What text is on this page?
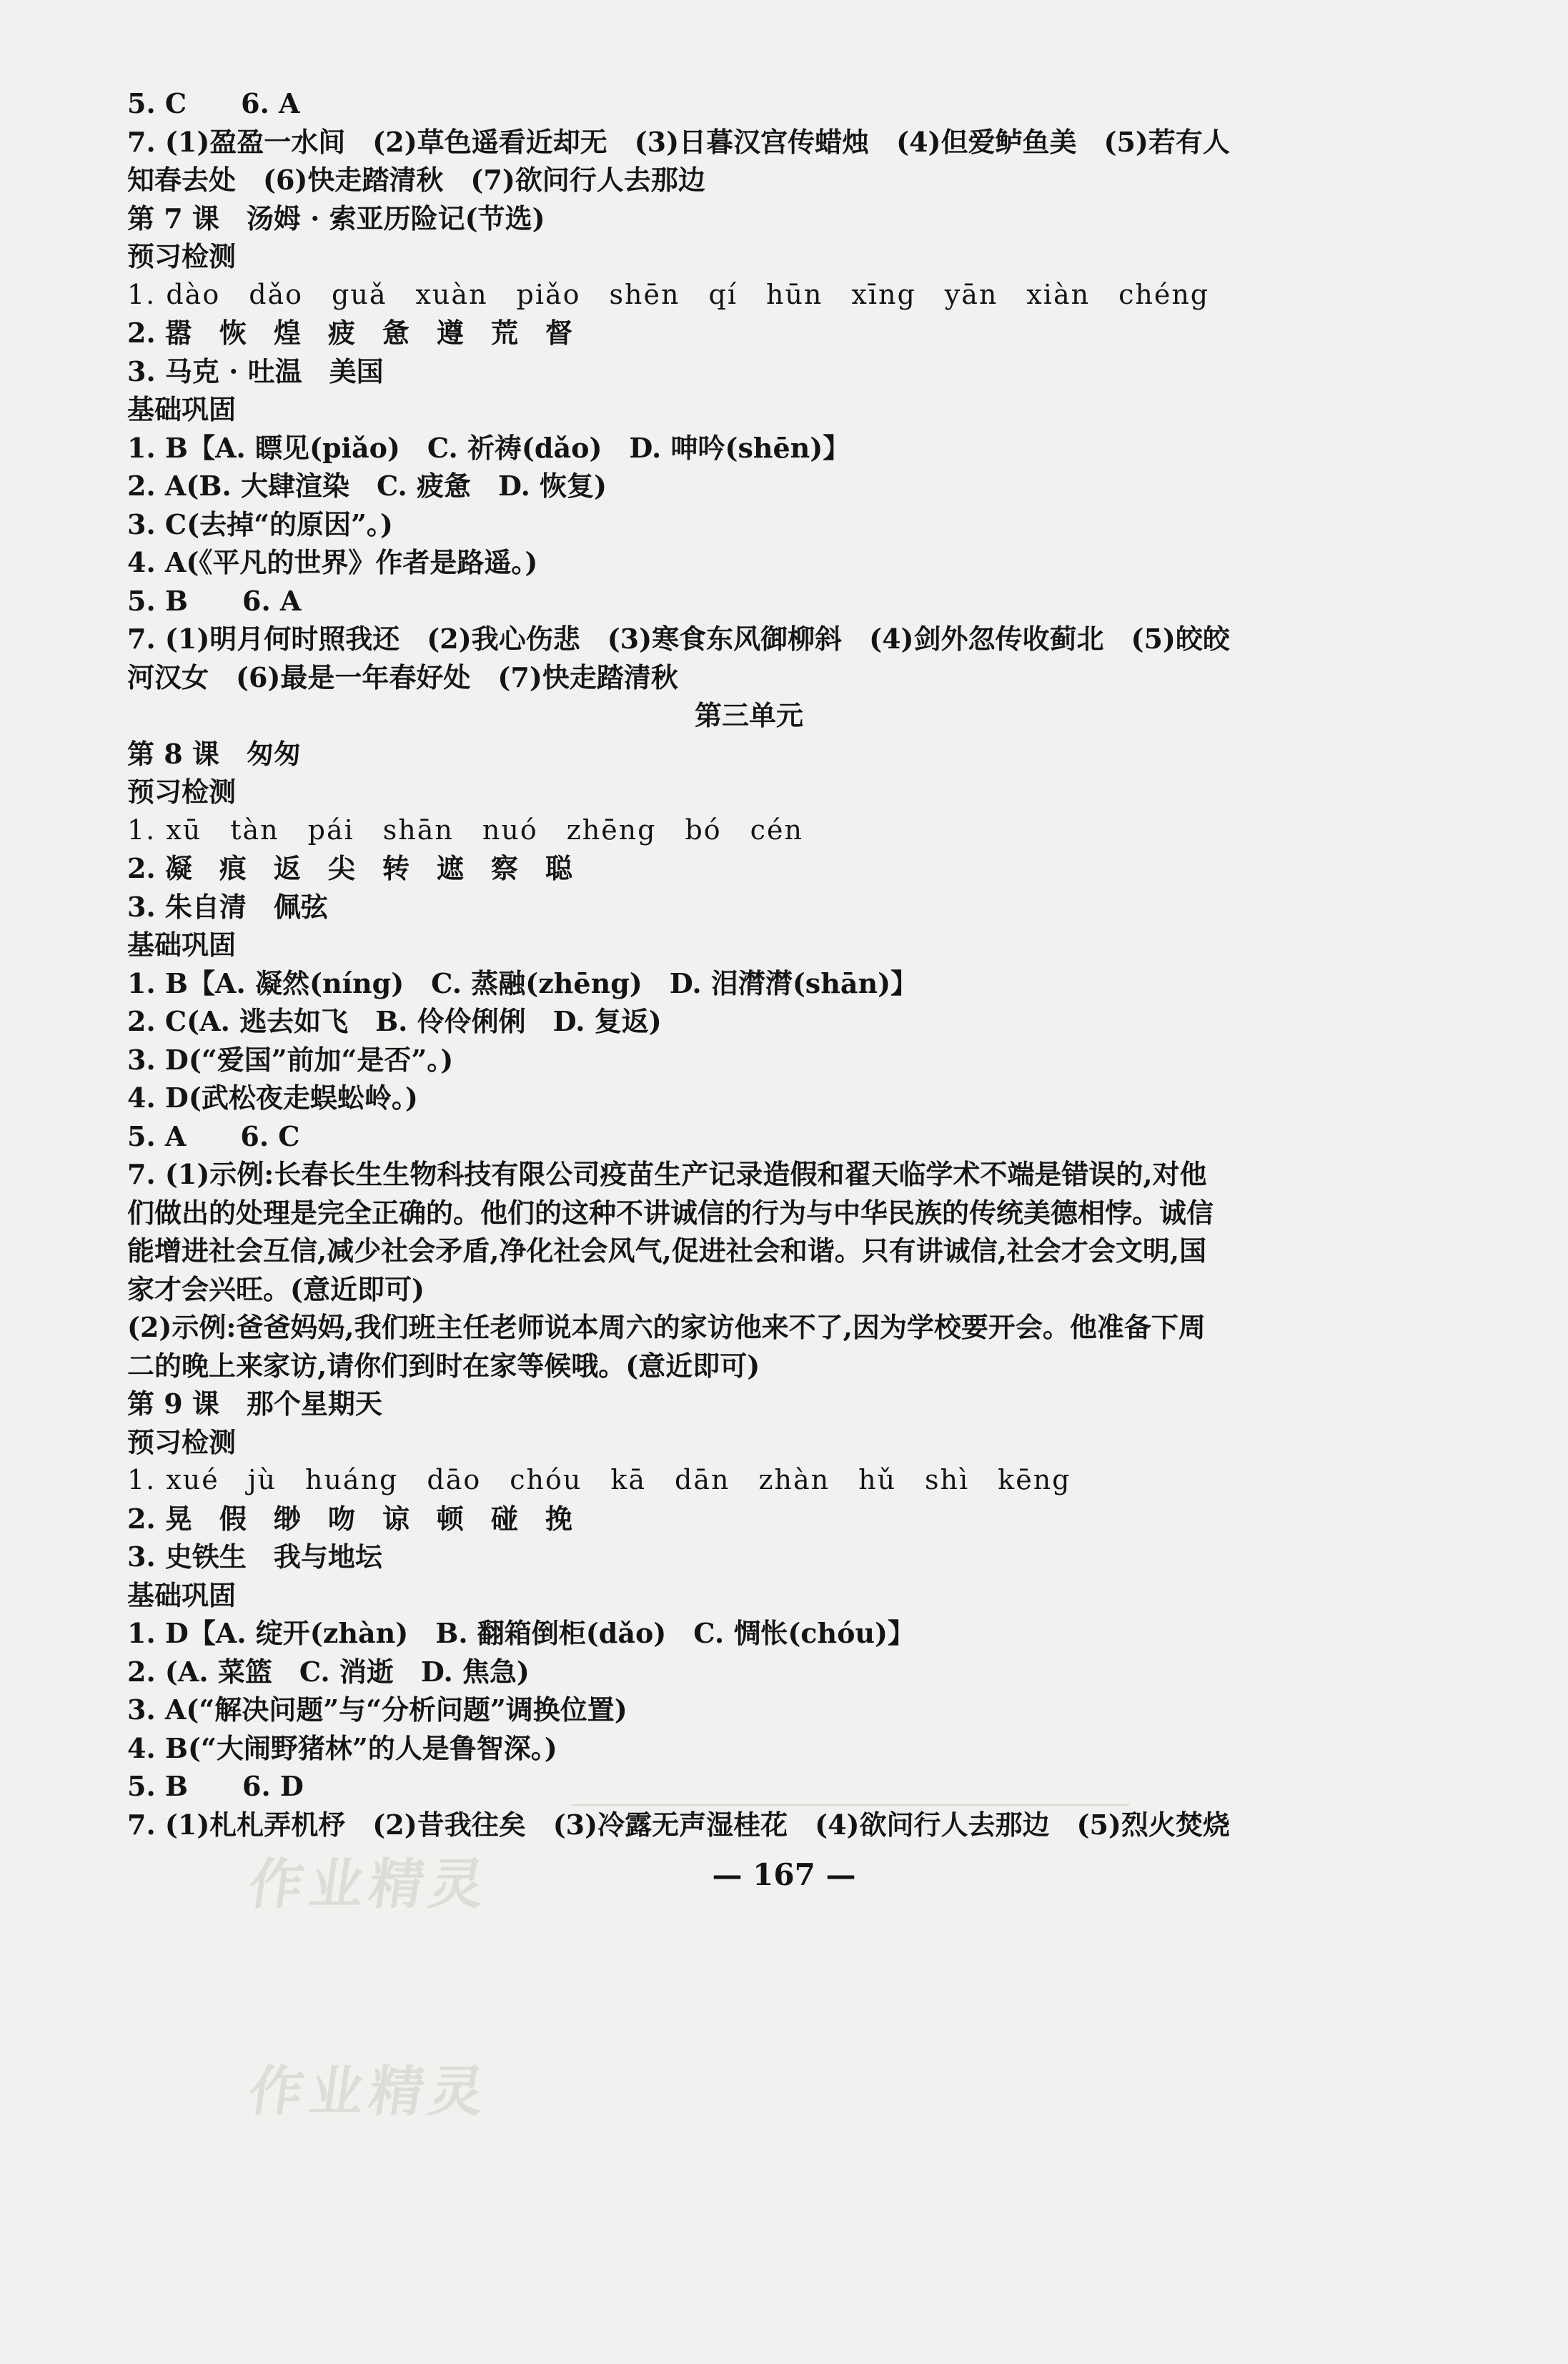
5. C　　6. A
7. (1)盈盈一水间　(2)草色遥看近却无　(3)日暮汉宫传蜡烛　(4)但爱鲈鱼美　(5)若有人
知春去处　(6)快走踏清秋　(7)欲问行人去那边
第 7 课　汤姆 · 索亚历险记(节选)
预习检测
1. dào　dǎo　guǎ　xuàn　piǎo　shēn　qí　hūn　xīng　yān　xiàn　chéng
2. 嚣　恢　煌　疲　惫　遵　荒　督
3. 马克 · 吐温　美国
基础巩固
1. B【A. 瞟见(piǎo)　C. 祈祷(dǎo)　D. 呻吟(shēn)】
2. A(B. 大肆渲染　C. 疲惫　D. 恢复)
3. C(去掉“的原因”。)
4. A(《平凡的世界》作者是路遥。)
5. B　　6. A
7. (1)明月何时照我还　(2)我心伤悲　(3)寒食东风御柳斜　(4)剑外忽传收蓟北　(5)皎皎
河汉女　(6)最是一年春好处　(7)快走踏清秋
第三单元
第 8 课　匆匆
预习检测
1. xū　tàn　pái　shān　nuó　zhēng　bó　cén
2. 凝　痕　返　尖　转　遮　察　聪
3. 朱自清　佩弦
基础巩固
1. B【A. 凝然(níng)　C. 蒸融(zhēng)　D. 泪潸潸(shān)】
2. C(A. 逃去如飞　B. 伶伶俐俐　D. 复返)
3. D(“爱国”前加“是否”。)
4. D(武松夜走蜈蚣岭。)
5. A　　6. C
7. (1)示例:长春长生生物科技有限公司疫苗生产记录造假和翟天临学术不端是错误的,对他
们做出的处理是完全正确的。他们的这种不讲诚信的行为与中华民族的传统美德相悖。诚信
能增进社会互信,减少社会矛盾,净化社会风气,促进社会和谐。只有讲诚信,社会才会文明,国
家才会兴旺。(意近即可)
(2)示例:爸爸妈妈,我们班主任老师说本周六的家访他来不了,因为学校要开会。他准备下周
二的晚上来家访,请你们到时在家等候哦。(意近即可)
第 9 课　那个星期天
预习检测
1. xué　jù　huáng　dāo　chóu　kā　dān　zhàn　hǔ　shì　kēng
2. 晃　假　缈　吻　谅　顿　碰　挽
3. 史铁生　我与地坛
基础巩固
1. D【A. 绽开(zhàn)　B. 翻箱倒柜(dǎo)　C. 惆怅(chóu)】
2. (A. 菜篮　C. 消逝　D. 焦急)
3. A(“解决问题”与“分析问题”调换位置)
4. B(“大闹野猪林”的人是鲁智深。)
5. B　　6. D
7. (1)札札弄机杼　(2)昔我往矣　(3)冷露无声湿桂花　(4)欲问行人去那边　(5)烈火焚烧
— 167 —
作业精灵
作业精灵
